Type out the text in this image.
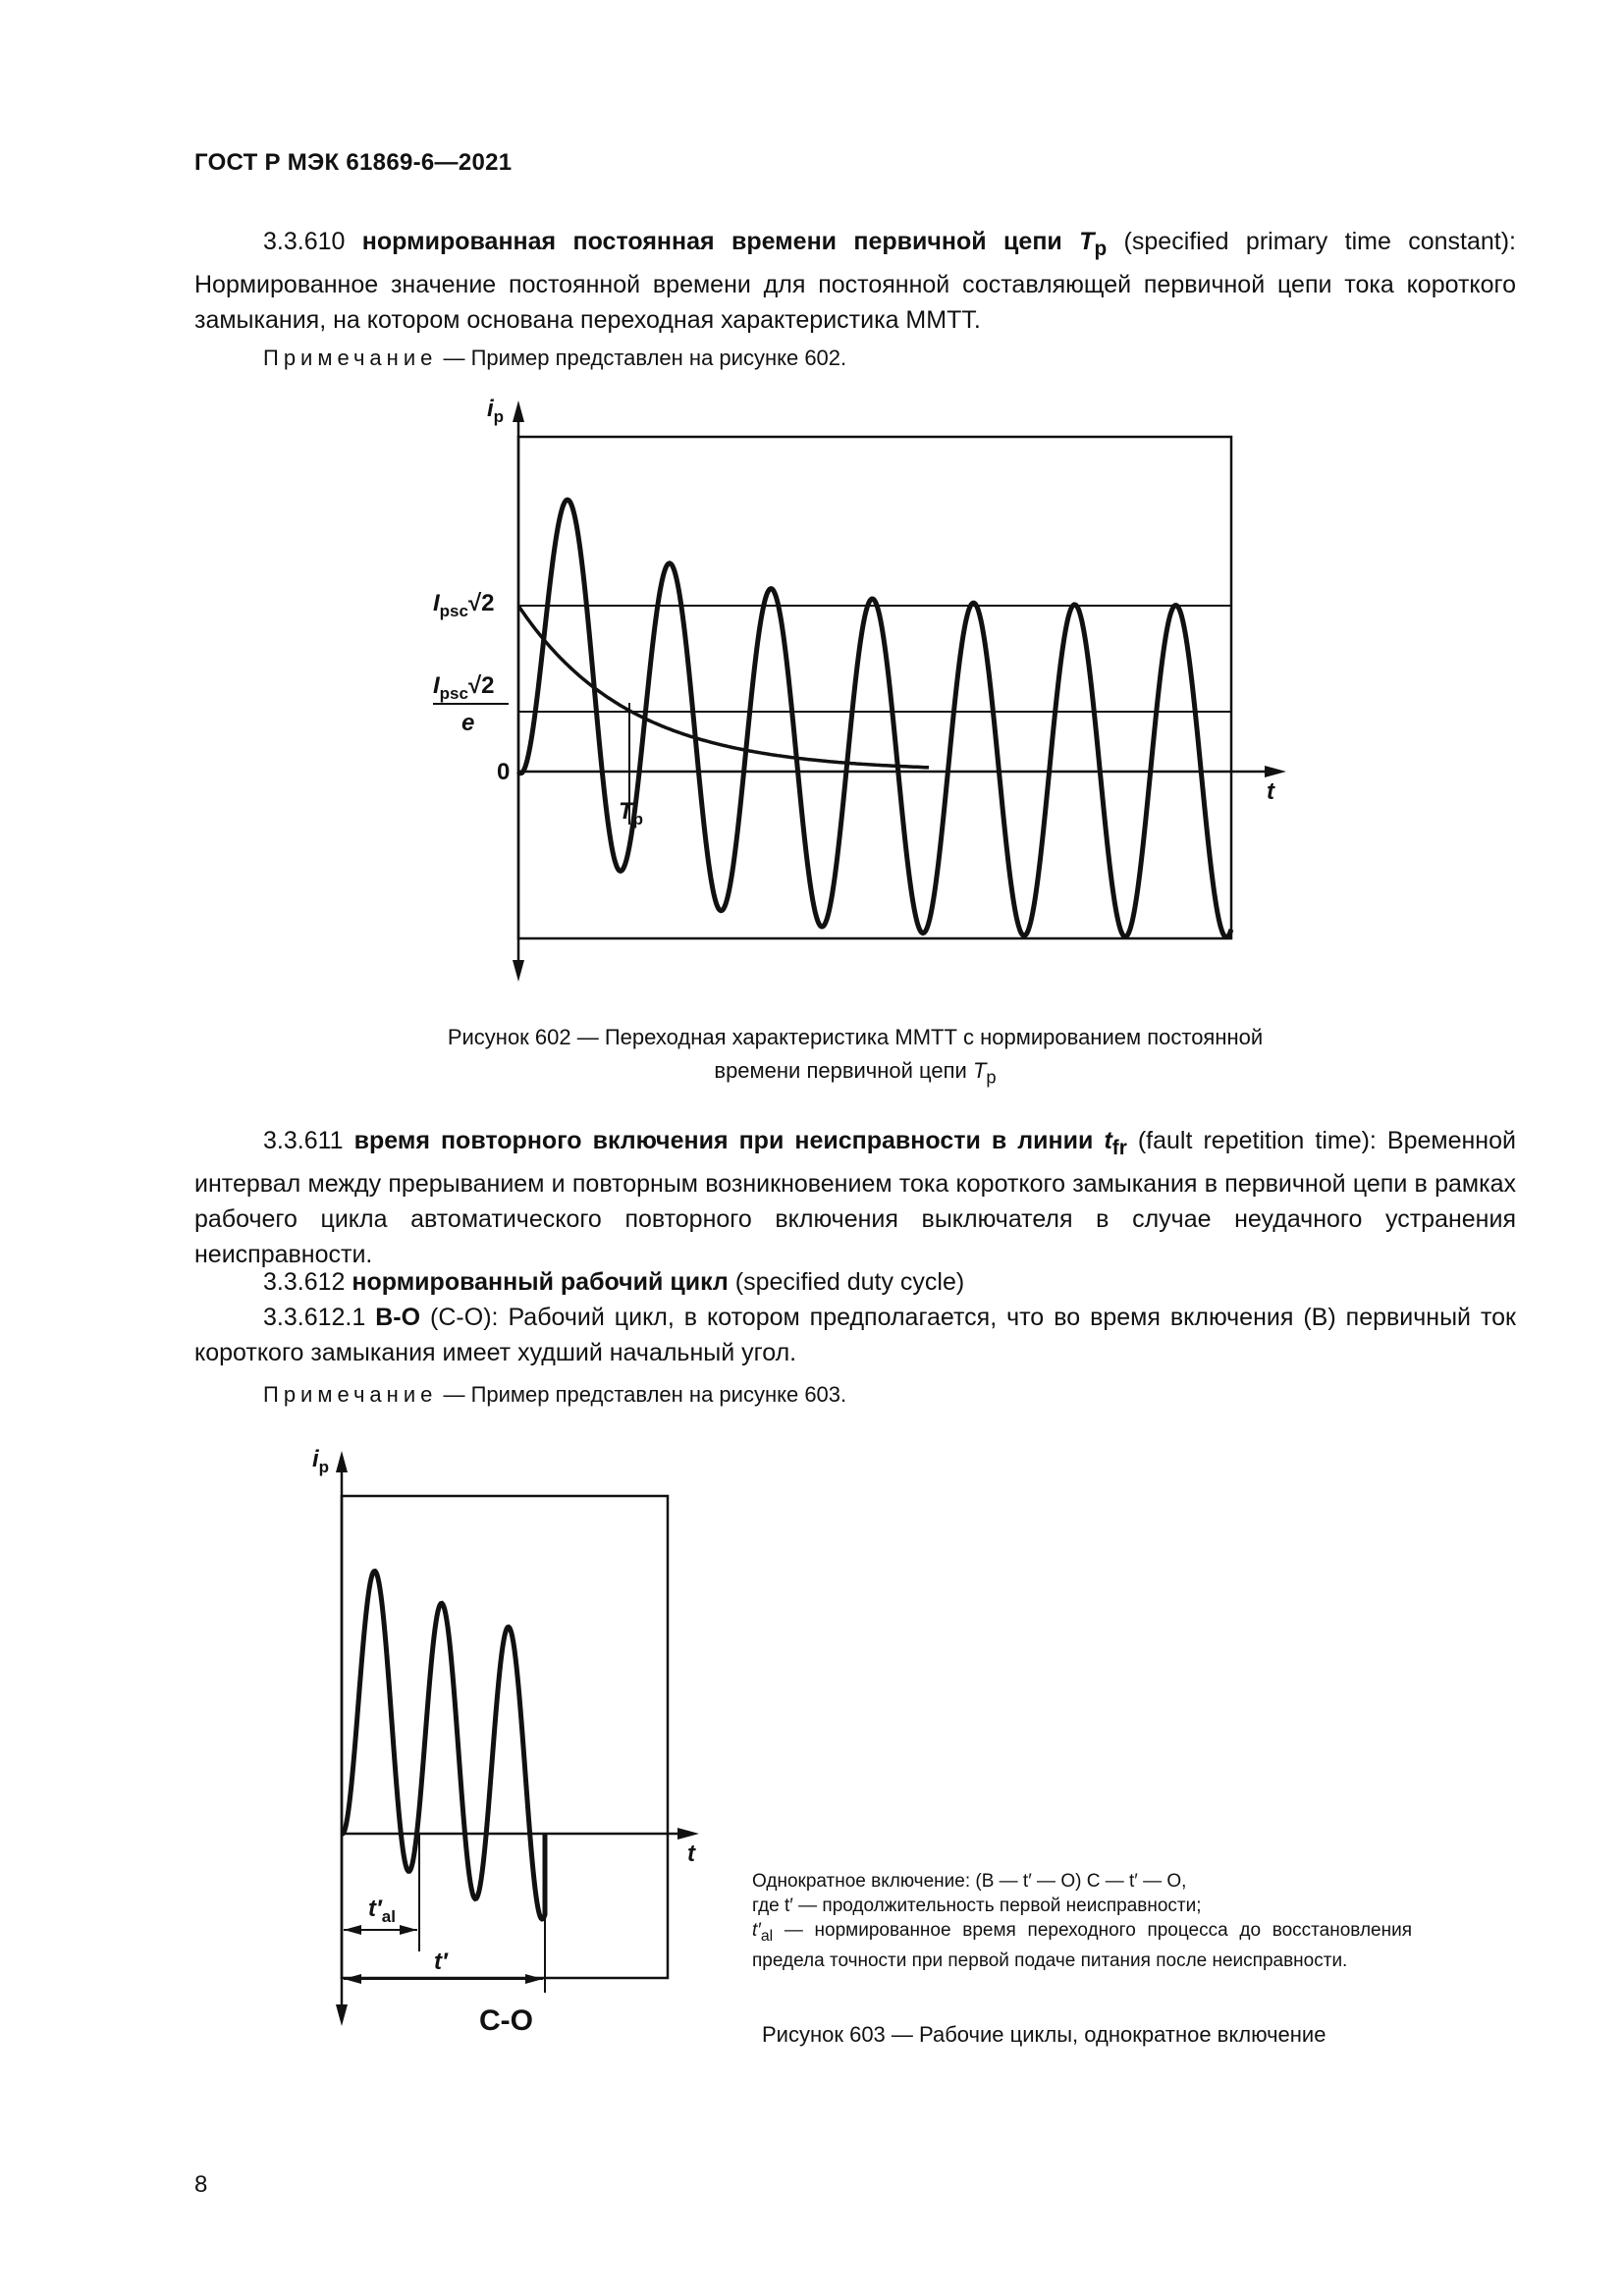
ГОСТ Р МЭК 61869-6—2021
3.3.610 нормированная постоянная времени первичной цепи $T_p$ (specified primary time constant): Нормированное значение постоянной времени для постоянной составляющей первичной цепи тока короткого замыкания, на котором основана переходная характеристика ММТТ.
Примечание — Пример представлен на рисунке 602.
$i_p$
t
$I_{psc}√2$
$I_{psc}√2$
e
0
$T_p$
Рисунок 602 — Переходная характеристика ММТТ с нормированием постоянной
времени первичной цепи $T_p$
3.3.611 время повторного включения при неисправности в линии $t_{fr}$ (fault repetition time): Временной интервал между прерыванием и повторным возникновением тока короткого замыкания в первичной цепи в рамках рабочего цикла автоматического повторного включения выключателя в случае неудачного устранения неисправности.
3.3.612 нормированный рабочий цикл (specified duty cycle)
3.3.612.1 В-О (C-O): Рабочий цикл, в котором предполагается, что во время включения (В) первичный ток короткого замыкания имеет худший начальный угол.
Примечание — Пример представлен на рисунке 603.
$i_p$
t
$t'_{al}$
t′
С-О
Однократное включение: (В — t′ — О) С — t′ — О,
где t′ — продолжительность первой неисправности;
$t'_{al}$ — нормированное время переходного процесса до восстановления предела точности при первой подаче питания после неисправности.
Рисунок 603 — Рабочие циклы, однократное включение
8
